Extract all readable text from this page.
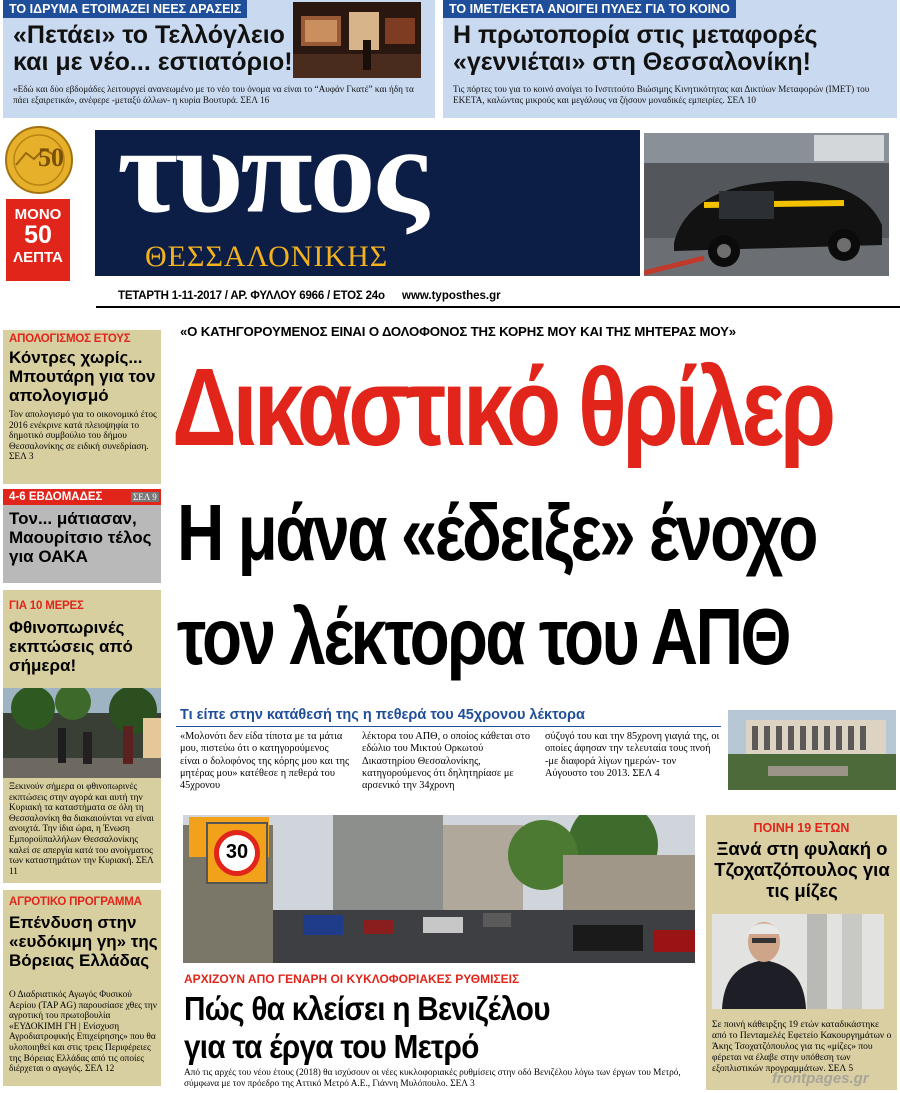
ΤΟ ΙΔΡΥΜΑ ΕΤΟΙΜΑΖΕΙ ΝΕΕΣ ΔΡΑΣΕΙΣ
«Πετάει» το Τελλόγλειο
και με νέο... εστιατόριο!
«Εδώ και δύο εβδομάδες λειτουργεί ανανεωμένο με το νέο του όνομα να είναι το “Αυφάν Γκατέ” και ήδη τα πάει εξαιρετικά», ανέφερε -μεταξύ άλλων- η κυρία Βουτυρά. ΣΕΛ 16
ΤΟ ΙΜΕΤ/ΕΚΕΤΑ ΑΝΟΙΓΕΙ ΠΥΛΕΣ ΓΙΑ ΤΟ ΚΟΙΝΟ
Η πρωτοπορία στις μεταφορές
«γεννιέται» στη Θεσσαλονίκη!
Τις πόρτες του για το κοινό ανοίγει το Ινστιτούτο Βιώσιμης Κινητικότητας και Δικτύων Μεταφορών (ΙΜΕΤ) του ΕΚΕΤΑ, καλώντας μικρούς και μεγάλους να ζήσουν μοναδικές εμπειρίες. ΣΕΛ 10
50
ΜΟΝΟ
50
ΛΕΠΤΑ
τυπος
ΘΕΣΣΑΛΟΝΙΚΗΣ
ΤΕΤΑΡΤΗ 1-11-2017 / ΑΡ. ΦΥΛΛΟΥ 6966 / ΕΤΟΣ 24ο www.typosthes.gr
ΑΠΟΛΟΓΙΣΜΟΣ ΕΤΟΥΣ
Κόντρες χωρίς... Μπουτάρη για τον απολογισμό
Τον απολογισμό για το οικονομικό έτος 2016 ενέκρινε κατά πλειοψηφία το δημοτικό συμβούλιο του δήμου Θεσσαλονίκης σε ειδική συνεδρίαση. ΣΕΛ 3
4-6 ΕΒΔΟΜΑΔΕΣ	ΣΕΛ 9
Τον... μάτιασαν, Μαουρίτσιο τέλος για ΟΑΚΑ
ΓΙΑ 10 ΜΕΡΕΣ
Φθινοπωρινές εκπτώσεις από σήμερα!
Ξεκινούν σήμερα οι φθινοπωρινές εκπτώσεις στην αγορά και αυτή την Κυριακή τα καταστήματα σε όλη τη Θεσσαλονίκη θα διακαιούνται να είναι ανοιχτά. Την ίδια ώρα, η Ένωση Εμποροϋπαλλήλων Θεσσαλονίκης καλεί σε απεργία κατά του ανοίγματος των καταστημάτων την Κυριακή. ΣΕΛ 11
ΑΓΡΟΤΙΚΟ ΠΡΟΓΡΑΜΜΑ
Επένδυση στην «ευδόκιμη γη» της Βόρειας Ελλάδας
Ο Διαδριατικός Αγωγός Φυσικού Αερίου (TAP AG) παρουσίασε χθες την αγροτική του πρωτοβουλία «ΕΥΔΟΚΙΜΗ ΓΗ | Ενίσχυση Αγροδιατροφικής Επιχείρησης» που θα υλοποιηθεί και στις τρεις Περιφέρειες της Βόρειας Ελλάδας από τις οποίες διέρχεται ο αγωγός. ΣΕΛ 12
«Ο ΚΑΤΗΓΟΡΟΥΜΕΝΟΣ ΕΙΝΑΙ Ο ΔΟΛΟΦΟΝΟΣ ΤΗΣ ΚΟΡΗΣ ΜΟΥ ΚΑΙ ΤΗΣ ΜΗΤΕΡΑΣ ΜΟΥ»
Δικαστικό θρίλερ
Η μάνα «έδειξε» ένοχο
τον λέκτορα του ΑΠΘ
Τι είπε στην κατάθεσή της η πεθερά του 45χρονου λέκτορα
«Μολονότι δεν είδα τίποτα με τα μάτια μου, πιστεύω ότι ο κατηγορούμενος είναι ο δολοφόνος της κόρης μου και της μητέρας μου» κατέθεσε η πεθερά του 45χρονου
λέκτορα του ΑΠΘ, ο οποίος κάθεται στο εδώλιο του Μικτού Ορκωτού Δικαστηρίου Θεσσαλονίκης, κατηγορούμενος ότι δηλητηρίασε με αρσενικό την 34χρονη
σύζυγό του και την 85χρονη γιαγιά της, οι οποίες άφησαν την τελευταία τους πνοή -με διαφορά λίγων ημερών- τον Αύγουστο του 2013. ΣΕΛ 4
30
ΑΡΧΙΖΟΥΝ ΑΠΟ ΓΕΝΑΡΗ ΟΙ ΚΥΚΛΟΦΟΡΙΑΚΕΣ ΡΥΘΜΙΣΕΙΣ
Πώς θα κλείσει η Βενιζέλου
για τα έργα του Μετρό
Από τις αρχές του νέου έτους (2018) θα ισχύσουν οι νέες κυκλοφοριακές ρυθμίσεις στην οδό Βενιζέλου λόγω των έργων του Μετρό, σύμφωνα με τον πρόεδρο της Αττικό Μετρό Α.Ε., Γιάννη Μυλόπουλο. ΣΕΛ 3
ΠΟΙΝΗ 19 ΕΤΩΝ
Ξανά στη φυλακή ο Τζοχατζόπουλος για τις μίζες
Σε ποινή κάθειρξης 19 ετών καταδικάστηκε από το Πενταμελές Εφετείο Κακουργημάτων ο Άκης Τσοχατζόπουλος για τις «μίζες» που φέρεται να έλαβε στην υπόθεση των εξοπλιστικών προγραμμάτων. ΣΕΛ 5
frontpages.gr
